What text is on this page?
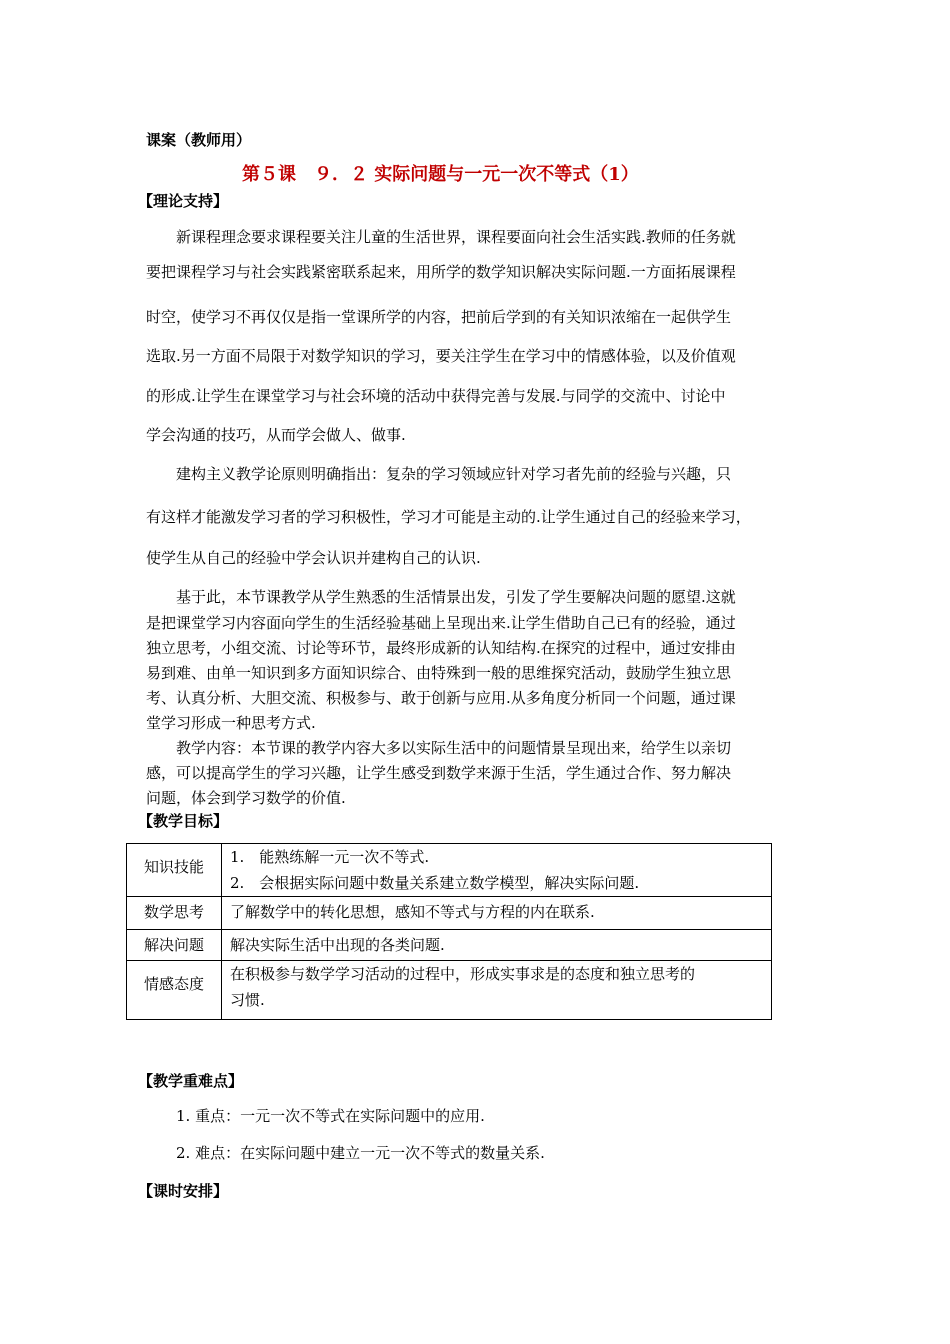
课案（教师用）
第５课　９．２ 实际问题与一元一次不等式（1）
【理论支持】
新课程理念要求课程要关注儿童的生活世界，课程要面向社会生活实践.教师的任务就
要把课程学习与社会实践紧密联系起来，用所学的数学知识解决实际问题.一方面拓展课程
时空，使学习不再仅仅是指一堂课所学的内容，把前后学到的有关知识浓缩在一起供学生
选取.另一方面不局限于对数学知识的学习，要关注学生在学习中的情感体验，以及价值观
的形成.让学生在课堂学习与社会环境的活动中获得完善与发展.与同学的交流中、讨论中
学会沟通的技巧，从而学会做人、做事.
建构主义教学论原则明确指出：复杂的学习领域应针对学习者先前的经验与兴趣，只
有这样才能激发学习者的学习积极性，学习才可能是主动的.让学生通过自己的经验来学习，
使学生从自己的经验中学会认识并建构自己的认识.
基于此，本节课教学从学生熟悉的生活情景出发，引发了学生要解决问题的愿望.这就
是把课堂学习内容面向学生的生活经验基础上呈现出来.让学生借助自己已有的经验，通过
独立思考，小组交流、讨论等环节，最终形成新的认知结构.在探究的过程中，通过安排由
易到难、由单一知识到多方面知识综合、由特殊到一般的思维探究活动，鼓励学生独立思
考、认真分析、大胆交流、积极参与、敢于创新与应用.从多角度分析同一个问题，通过课
堂学习形成一种思考方式.
教学内容：本节课的教学内容大多以实际生活中的问题情景呈现出来，给学生以亲切
感，可以提高学生的学习兴趣，让学生感受到数学来源于生活，学生通过合作、努力解决
问题，体会到学习数学的价值.
【教学目标】
知识技能	1.　能熟练解一元一次不等式.
2.　会根据实际问题中数量关系建立数学模型，解决实际问题.

数学思考	了解数学中的转化思想，感知不等式与方程的内在联系.

解决问题	解决实际生活中出现的各类问题.

情感态度	在积极参与数学学习活动的过程中，形成实事求是的态度和独立思考的
习惯.
【教学重难点】
1. 重点：一元一次不等式在实际问题中的应用.
2. 难点：在实际问题中建立一元一次不等式的数量关系.
【课时安排】
